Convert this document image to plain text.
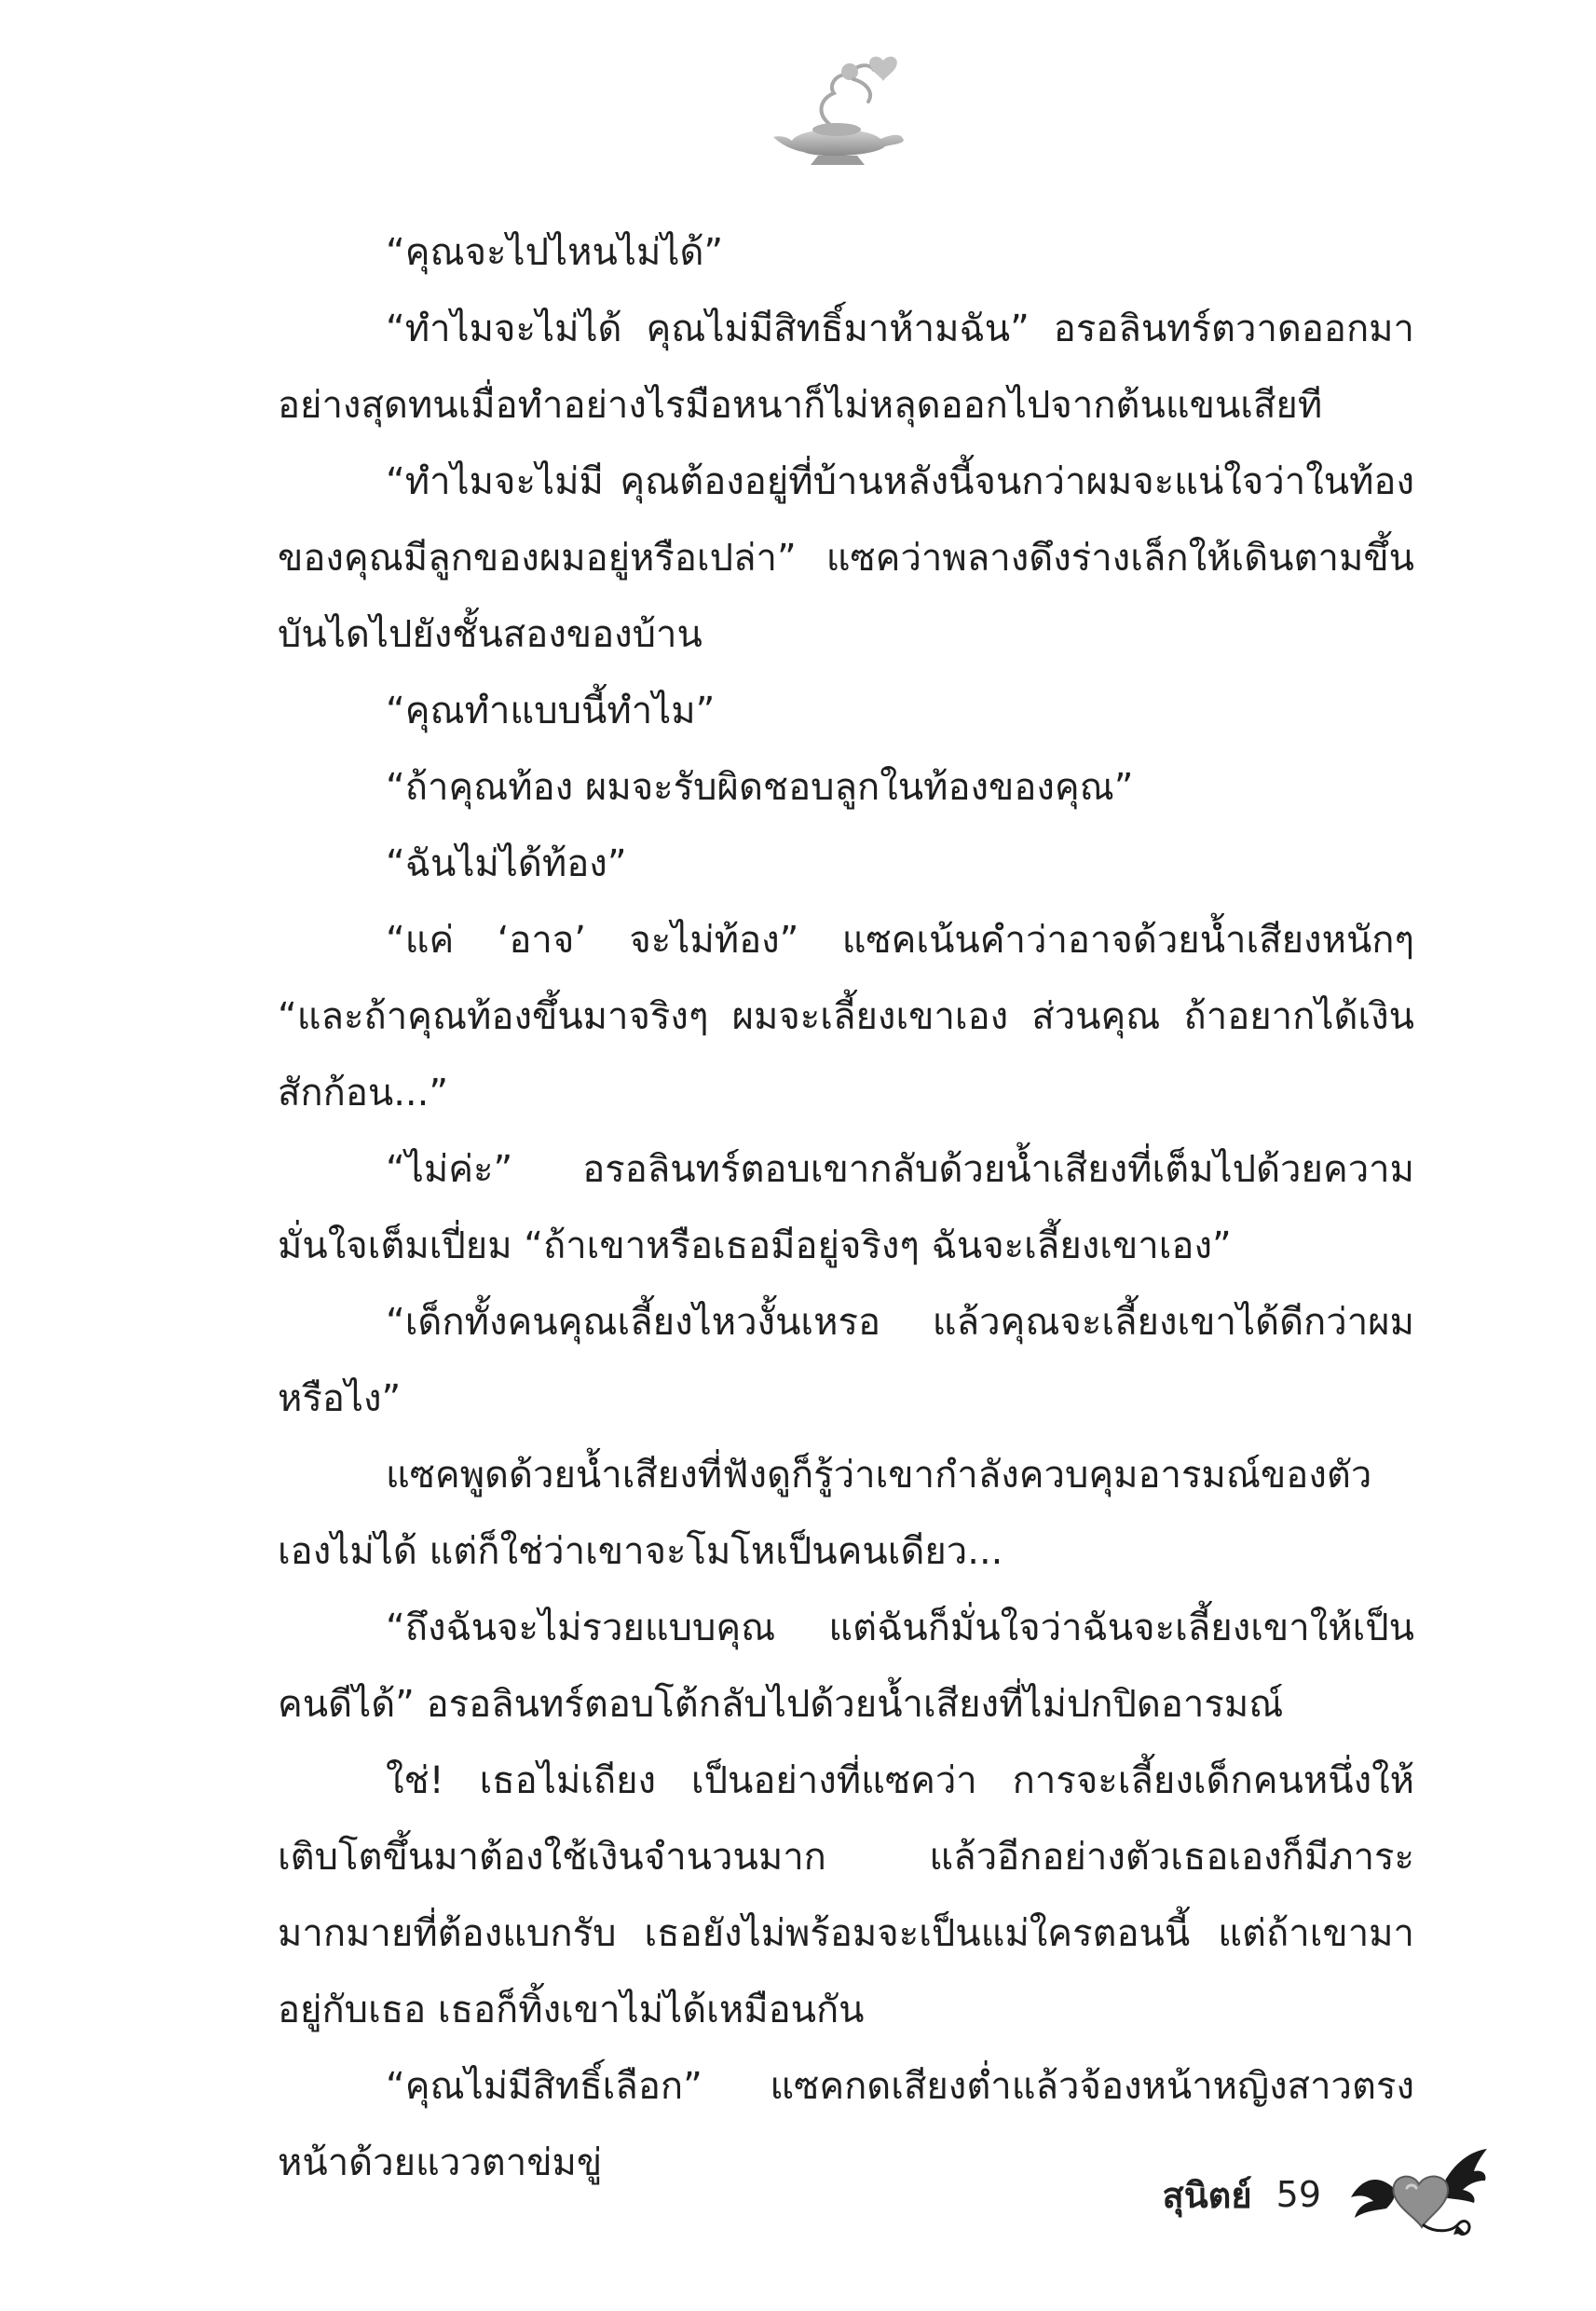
“คุณจะไปไหนไม่ได้”

“ทำไมจะไม่ได้ คุณไม่มีสิทธิ์มาห้ามฉัน” อรอลินทร์ตวาดออกมาอย่างสุดทนเมื่อทำอย่างไรมือหนาก็ไม่หลุดออกไปจากต้นแขนเสียที

“ทำไมจะไม่มี คุณต้องอยู่ที่บ้านหลังนี้จนกว่าผมจะแน่ใจว่าในท้องของคุณมีลูกของผมอยู่หรือเปล่า” แซคว่าพลางดึงร่างเล็กให้เดินตามขึ้นบันไดไปยังชั้นสองของบ้าน

“คุณทำแบบนี้ทำไม”

“ถ้าคุณท้อง ผมจะรับผิดชอบลูกในท้องของคุณ”

“ฉันไม่ได้ท้อง”

“แค่ ‘อาจ’ จะไม่ท้อง” แซคเน้นคำว่าอาจด้วยน้ำเสียงหนักๆ “และถ้าคุณท้องขึ้นมาจริงๆ ผมจะเลี้ยงเขาเอง ส่วนคุณ ถ้าอยากได้เงินสักก้อน...”

“ไม่ค่ะ” อรอลินทร์ตอบเขากลับด้วยน้ำเสียงที่เต็มไปด้วยความมั่นใจเต็มเปี่ยม “ถ้าเขาหรือเธอมีอยู่จริงๆ ฉันจะเลี้ยงเขาเอง”

“เด็กทั้งคนคุณเลี้ยงไหวงั้นเหรอ แล้วคุณจะเลี้ยงเขาได้ดีกว่าผมหรือไง”

แซคพูดด้วยน้ำเสียงที่ฟังดูก็รู้ว่าเขากำลังควบคุมอารมณ์ของตัวเองไม่ได้ แต่ก็ใช่ว่าเขาจะโมโหเป็นคนเดียว...

“ถึงฉันจะไม่รวยแบบคุณ แต่ฉันก็มั่นใจว่าฉันจะเลี้ยงเขาให้เป็นคนดีได้” อรอลินทร์ตอบโต้กลับไปด้วยน้ำเสียงที่ไม่ปกปิดอารมณ์

ใช่! เธอไม่เถียง เป็นอย่างที่แซคว่า การจะเลี้ยงเด็กคนหนึ่งให้เติบโตขึ้นมาต้องใช้เงินจำนวนมาก แล้วอีกอย่างตัวเธอเองก็มีภาระมากมายที่ต้องแบกรับ เธอยังไม่พร้อมจะเป็นแม่ใครตอนนี้ แต่ถ้าเขามาอยู่กับเธอ เธอก็ทิ้งเขาไม่ได้เหมือนกัน

“คุณไม่มีสิทธิ์เลือก” แซคกดเสียงต่ำแล้วจ้องหน้าหญิงสาวตรงหน้าด้วยแววตาข่มขู่

สุนิตย์ 59
